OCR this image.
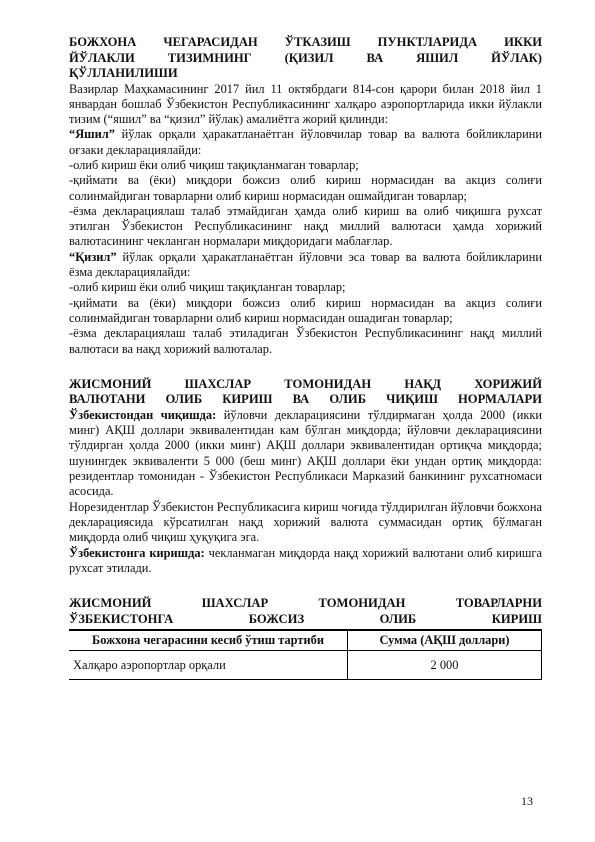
БОЖХОНА ЧЕГАРАСИДАН ЎТКАЗИШ ПУНКТЛАРИДА ИККИ
ЙЎЛАКЛИ ТИЗИМНИНГ (ҚИЗИЛ ВА ЯШИЛ ЙЎЛАК)
ҚЎЛЛАНИЛИШИ

Вазирлар Маҳкамасининг 2017 йил 11 октябрдаги 814-сон қарори билан 2018 йил 1 январдан бошлаб Ўзбекистон Республикасининг халқаро аэропортларида икки йўлакли тизим (“яшил” ва “қизил” йўлак) амалиётга жорий қилинди:

“Яшил” йўлак орқали ҳаракатланаётган йўловчилар товар ва валюта бойликларини оғзаки декларациялайди:

-олиб кириш ёки олиб чиқиш тақиқланмаган товарлар;

-қиймати ва (ёки) миқдори божсиз олиб кириш нормасидан ва акциз солиғи солинмайдиган товарларни олиб кириш нормасидан ошмайдиган товарлар;

-ёзма декларациялаш талаб этмайдиган ҳамда олиб кириш ва олиб чиқишга рухсат этилган Ўзбекистон Республикасининг нақд миллий валютаси ҳамда хорижий валютасининг чекланган нормалари миқдоридаги маблағлар.

“Қизил” йўлак орқали ҳаракатланаётган йўловчи эса товар ва валюта бойликларини ёзма декларациялайди:

-олиб кириш ёки олиб чиқиш тақиқланган товарлар;

-қиймати ва (ёки) миқдори божсиз олиб кириш нормасидан ва акциз солиғи солинмайдиган товарларни олиб кириш нормасидан ошадиган товарлар;

-ёзма декларациялаш талаб этиладиган Ўзбекистон Республикасининг нақд миллий валютаси ва нақд хорижий валюталар.

ЖИСМОНИЙ ШАХСЛАР ТОМОНИДАН НАҚД ХОРИЖИЙ
ВАЛЮТАНИ ОЛИБ КИРИШ ВА ОЛИБ ЧИҚИШ НОРМАЛАРИ

Ўзбекистондан чиқишда: йўловчи декларациясини тўлдирмаган ҳолда 2000 (икки минг) АҚШ доллари эквивалентидан кам бўлган миқдорда; йўловчи декларациясини тўлдирган ҳолда 2000 (икки минг) АҚШ доллари эквивалентидан ортиқча миқдорда; шунингдек эквиваленти 5 000 (беш минг) АҚШ доллари ёки ундан ортиқ миқдорда: резидентлар томонидан - Ўзбекистон Республикаси Марказий банкининг рухсатномаси асосида.

Норезидентлар Ўзбекистон Республикасига кириш чоғида тўлдирилган йўловчи божхона декларациясида кўрсатилган нақд хорижий валюта суммасидан ортиқ бўлмаган миқдорда олиб чиқиш ҳуқуқига эга.

Ўзбекистонга киришда: чекланмаган миқдорда нақд хорижий валютани олиб киришга рухсат этилади.

ЖИСМОНИЙ ШАХСЛАР ТОМОНИДАН ТОВАРЛАРНИ
ЎЗБЕКИСТОНГА БОЖСИЗ ОЛИБ КИРИШ
Божхона чегарасини кесиб ўтиш тартиби	Сумма (АҚШ доллари)
Халқаро аэропортлар орқали	2 000
13
